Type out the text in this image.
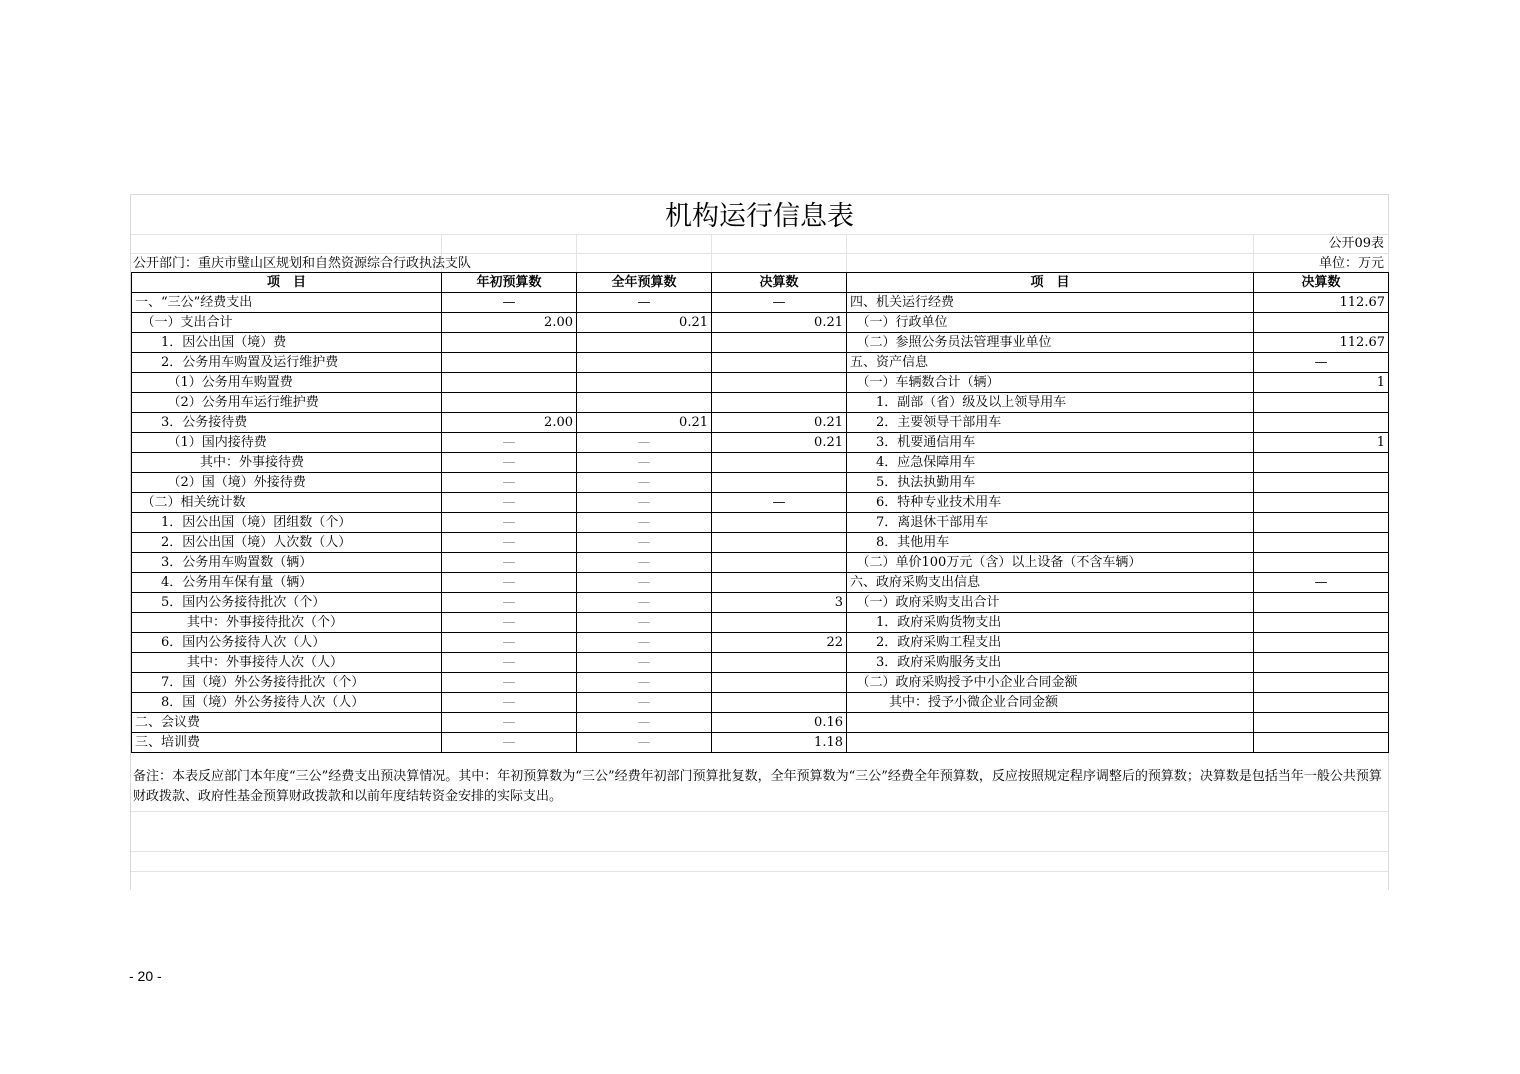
机构运行信息表
公开09表
公开部门：重庆市璧山区规划和自然资源综合行政执法支队	单位：万元
项　目	年初预算数	全年预算数	决算数	项　目	决算数
一、“三公”经费支出	—	—	—	四、机关运行经费	112.67
　（一）支出合计	2.00	0.21	0.21	　（一）行政单位	
　　1．因公出国（境）费				　（二）参照公务员法管理事业单位	112.67
　　2．公务用车购置及运行维护费				五、资产信息	—
　　　（1）公务用车购置费				　（一）车辆数合计（辆）	1
　　　（2）公务用车运行维护费				　　1．副部（省）级及以上领导用车	
　　3．公务接待费	2.00	0.21	0.21	　　2．主要领导干部用车	
　　　（1）国内接待费	—	—	0.21	　　3．机要通信用车	1
　　　　　其中：外事接待费	—	—		　　4．应急保障用车	
　　　（2）国（境）外接待费	—	—		　　5．执法执勤用车	
　（二）相关统计数	—	—	—	　　6．特种专业技术用车	
　　1．因公出国（境）团组数（个）	—	—		　　7．离退休干部用车	
　　2．因公出国（境）人次数（人）	—	—		　　8．其他用车	
　　3．公务用车购置数（辆）	—	—		　（二）单价100万元（含）以上设备（不含车辆）	
　　4．公务用车保有量（辆）	—	—		六、政府采购支出信息	—
　　5．国内公务接待批次（个）	—	—	3	　（一）政府采购支出合计	
　　　　其中：外事接待批次（个）	—	—		　　1．政府采购货物支出	
　　6．国内公务接待人次（人）	—	—	22	　　2．政府采购工程支出	
　　　　其中：外事接待人次（人）	—	—		　　3．政府采购服务支出	
　　7．国（境）外公务接待批次（个）	—	—		　（二）政府采购授予中小企业合同金额	
　　8．国（境）外公务接待人次（人）	—	—		　　　其中：授予小微企业合同金额	
二、会议费	—	—	0.16		
三、培训费	—	—	1.18		
备注：本表反应部门本年度“三公”经费支出预决算情况。其中：年初预算数为“三公”经费年初部门预算批复数，全年预算数为“三公”经费全年预算数，反应按照规定程序调整后的预算数；决算数是包括当年一般公共预算财政拨款、政府性基金预算财政拨款和以前年度结转资金安排的实际支出。
- 20 -
